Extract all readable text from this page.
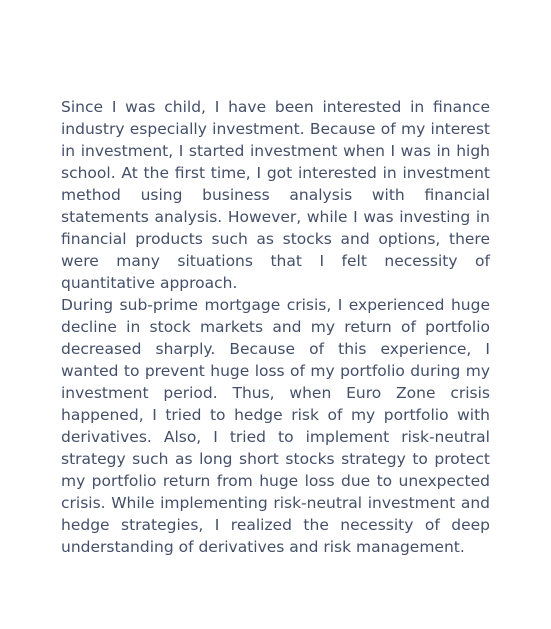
Since I was child, I have been interested in finance industry especially investment. Because of my interest in investment, I started investment when I was in high school. At the first time, I got interested in investment method using business analysis with financial statements analysis. However, while I was investing in financial products such as stocks and options, there were many situations that I felt necessity of quantitative approach.

During sub-prime mortgage crisis, I experienced huge decline in stock markets and my return of portfolio decreased sharply. Because of this experience, I wanted to prevent huge loss of my portfolio during my investment period. Thus, when Euro Zone crisis happened, I tried to hedge risk of my portfolio with derivatives. Also, I tried to implement risk-neutral strategy such as long short stocks strategy to protect my portfolio return from huge loss due to unexpected crisis. While implementing risk-neutral investment and hedge strategies, I realized the necessity of deep understanding of derivatives and risk management.
